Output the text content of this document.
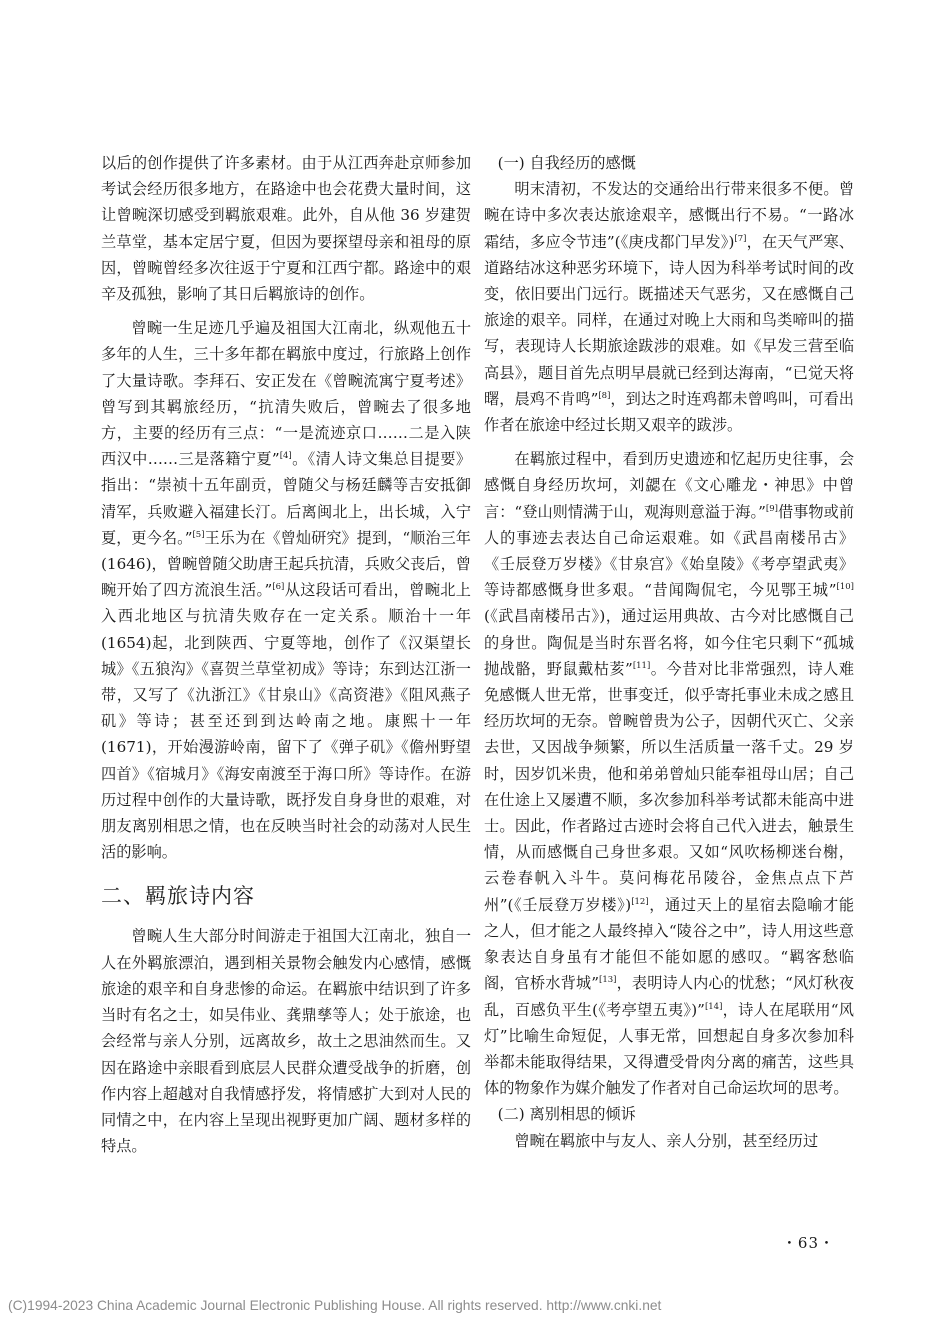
以后的创作提供了许多素材。由于从江西奔赴京师参加考试会经历很多地方，在路途中也会花费大量时间，这让曾畹深切感受到羁旅艰难。此外，自从他 36 岁建贺兰草堂，基本定居宁夏，但因为要探望母亲和祖母的原因，曾畹曾经多次往返于宁夏和江西宁都。路途中的艰辛及孤独，影响了其日后羁旅诗的创作。

曾畹一生足迹几乎遍及祖国大江南北，纵观他五十多年的人生，三十多年都在羁旅中度过，行旅路上创作了大量诗歌。李拜石、安正发在《曾畹流寓宁夏考述》曾写到其羁旅经历，“抗清失败后，曾畹去了很多地方，主要的经历有三点：“一是流迹京口……二是入陕西汉中……三是落籍宁夏”[4]。《清人诗文集总目提要》指出：“崇祯十五年副贡，曾随父与杨廷麟等吉安抵御清军，兵败避入福建长汀。后离闽北上，出长城，入宁夏，更今名。”[5]王乐为在《曾灿研究》提到，“顺治三年(1646)，曾畹曾随父助唐王起兵抗清，兵败父丧后，曾畹开始了四方流浪生活。”[6]从这段话可看出，曾畹北上入西北地区与抗清失败存在一定关系。顺治十一年(1654)起，北到陕西、宁夏等地，创作了《汉渠望长城》《五狼沟》《喜贺兰草堂初成》等诗；东到达江浙一带，又写了《氿浙江》《甘泉山》《高资港》《阻风燕子矶》等诗；甚至还到到达岭南之地。康熙十一年(1671)，开始漫游岭南，留下了《弹子矶》《儋州野望四首》《宿城月》《海安南渡至于海口所》等诗作。在游历过程中创作的大量诗歌，既抒发自身身世的艰难，对朋友离别相思之情，也在反映当时社会的动荡对人民生活的影响。

二、羁旅诗内容

曾畹人生大部分时间游走于祖国大江南北，独自一人在外羁旅漂泊，遇到相关景物会触发内心感情，感慨旅途的艰辛和自身悲惨的命运。在羁旅中结识到了许多当时有名之士，如吴伟业、龚鼎孳等人；处于旅途，也会经常与亲人分别，远离故乡，故土之思油然而生。又因在路途中亲眼看到底层人民群众遭受战争的折磨，创作内容上超越对自我情感抒发，将情感扩大到对人民的同情之中，在内容上呈现出视野更加广阔、题材多样的特点。

(一) 自我经历的感慨

明末清初，不发达的交通给出行带来很多不便。曾畹在诗中多次表达旅途艰辛，感慨出行不易。“一路冰霜结，多应令节违”(《庚戌都门早发》)[7]，在天气严寒、道路结冰这种恶劣环境下，诗人因为科举考试时间的改变，依旧要出门远行。既描述天气恶劣，又在感慨自己旅途的艰辛。同样，在通过对晚上大雨和鸟类啼叫的描写，表现诗人长期旅途跋涉的艰难。如《早发三营至临高县》，题目首先点明早晨就已经到达海南，“已觉天将曙，晨鸡不肯鸣”[8]，到达之时连鸡都未曾鸣叫，可看出作者在旅途中经过长期又艰辛的跋涉。

在羁旅过程中，看到历史遗迹和忆起历史往事，会感慨自身经历坎坷，刘勰在《文心雕龙・神思》中曾言：“登山则情满于山，观海则意溢于海。”[9]借事物或前人的事迹去表达自己命运艰难。如《武昌南楼吊古》《壬辰登万岁楼》《甘泉宫》《始皇陵》《考亭望武夷》等诗都感慨身世多艰。“昔闻陶侃宅，今见鄂王城”[10](《武昌南楼吊古》)，通过运用典故、古今对比感慨自己的身世。陶侃是当时东晋名将，如今住宅只剩下“孤城抛战骼，野鼠戴枯荄”[11]。今昔对比非常强烈，诗人难免感慨人世无常，世事变迁，似乎寄托事业未成之感且经历坎坷的无奈。曾畹曾贵为公子，因朝代灭亡、父亲去世，又因战争频繁，所以生活质量一落千丈。29 岁时，因岁饥米贵，他和弟弟曾灿只能奉祖母山居；自己在仕途上又屡遭不顺，多次参加科举考试都未能高中进士。因此，作者路过古迹时会将自己代入进去，触景生情，从而感慨自己身世多艰。又如“风吹杨柳迷台榭，云卷春帆入斗牛。莫问梅花吊陵谷，金焦点点下芦州”(《壬辰登万岁楼》)[12]，通过天上的星宿去隐喻才能之人，但才能之人最终掉入“陵谷之中”，诗人用这些意象表达自身虽有才能但不能如愿的感叹。“羁客愁临阁，官桥水背城”[13]，表明诗人内心的忧愁；“风灯秋夜乱，百感负平生(《考亭望五夷》)”[14]，诗人在尾联用“风灯”比喻生命短促，人事无常，回想起自身多次参加科举都未能取得结果，又得遭受骨肉分离的痛苦，这些具体的物象作为媒介触发了作者对自己命运坎坷的思考。

(二) 离别相思的倾诉

曾畹在羁旅中与友人、亲人分别，甚至经历过

・63・
(C)1994-2023 China Academic Journal Electronic Publishing House. All rights reserved. http://www.cnki.net
